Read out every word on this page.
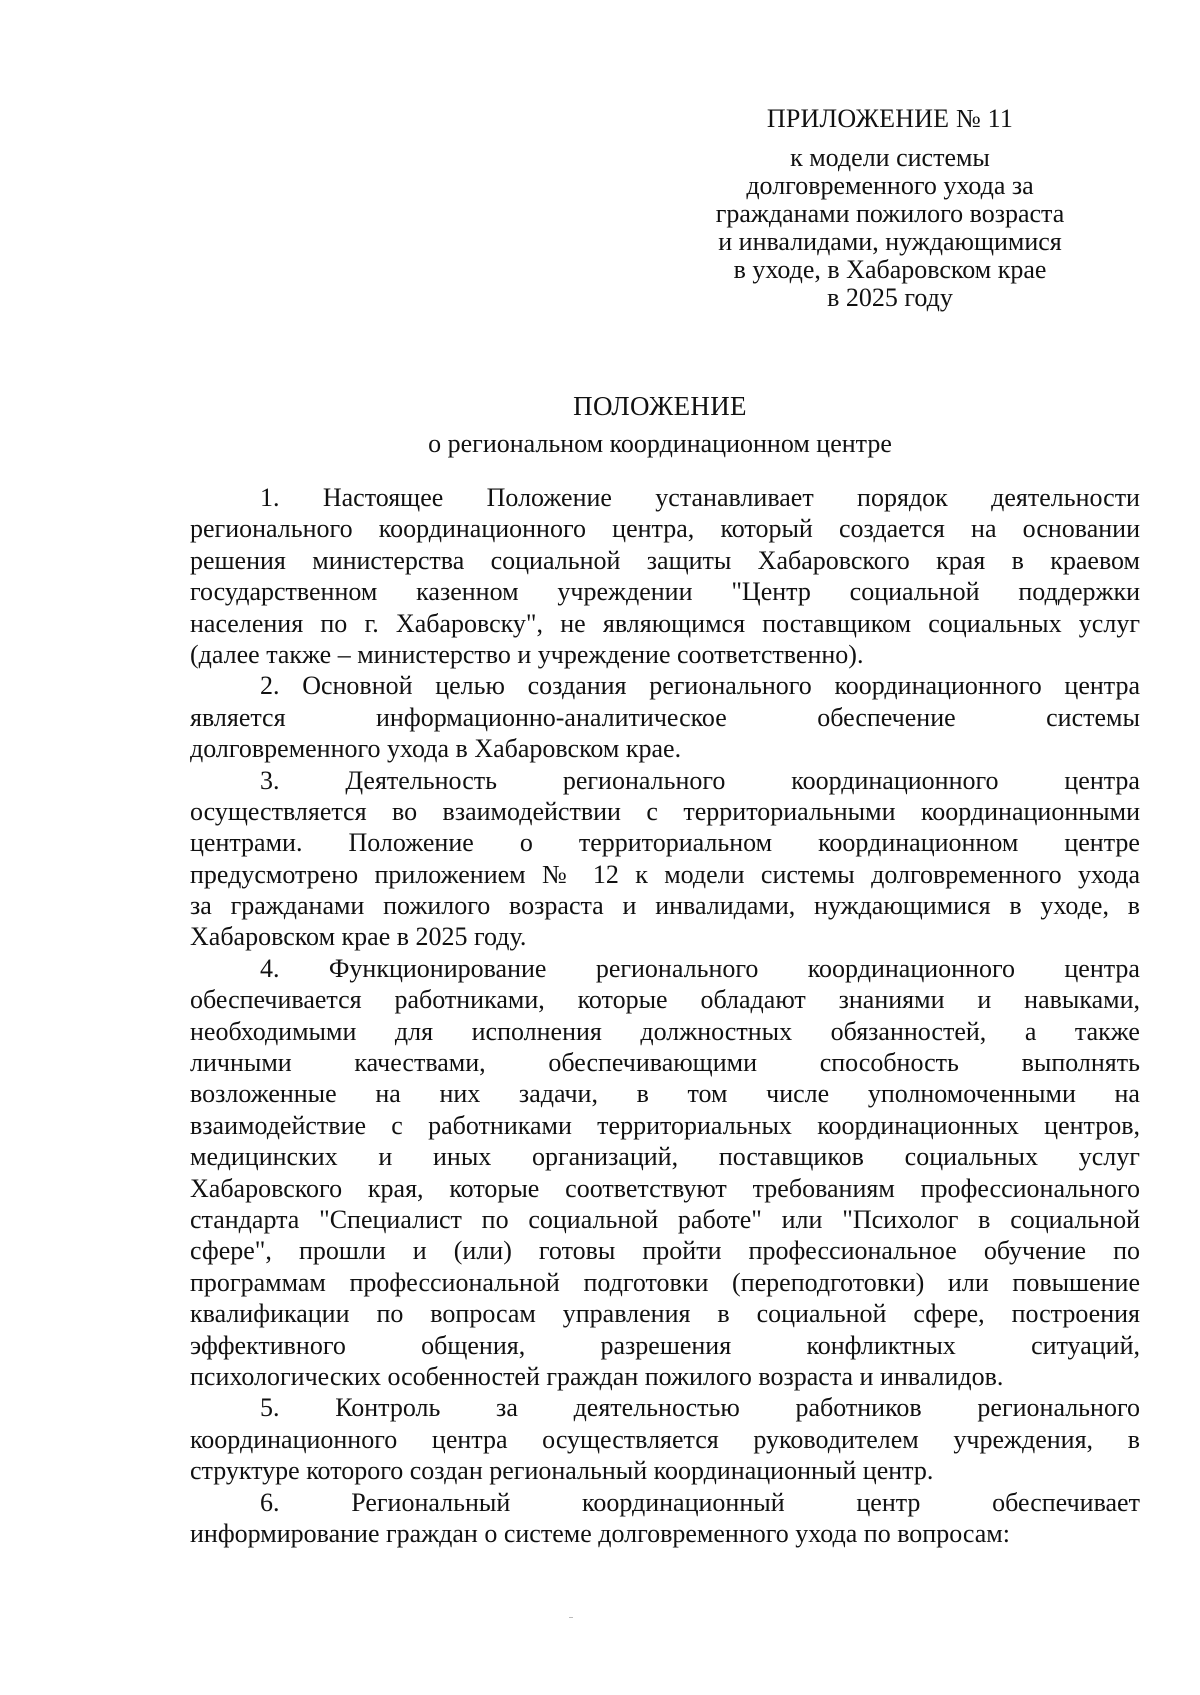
ПРИЛОЖЕНИЕ № 11
к модели системы
долговременного ухода за
гражданами пожилого возраста
и инвалидами, нуждающимися
в уходе, в Хабаровском крае
в 2025 году
ПОЛОЖЕНИЕ
о региональном координационном центре
1. Настоящее Положение устанавливает порядок деятельности
регионального координационного центра, который создается на основании
решения министерства социальной защиты Хабаровского края в краевом
государственном казенном учреждении "Центр социальной поддержки
населения по г. Хабаровску", не являющимся поставщиком социальных услуг
(далее также – министерство и учреждение соответственно).
2. Основной целью создания регионального координационного центра
является	информационно-аналитическое	обеспечение	системы
долговременного ухода в Хабаровском крае.
3.	Деятельность	регионального	координационного	центра
осуществляется во взаимодействии с территориальными координационными
центрами. Положение о территориальном координационном центре
предусмотрено приложением № 12 к модели системы долговременного ухода
за гражданами пожилого возраста и инвалидами, нуждающимися в уходе, в
Хабаровском крае в 2025 году.
4. Функционирование регионального координационного центра
обеспечивается работниками, которые обладают знаниями и навыками,
необходимыми для исполнения должностных обязанностей, а также
личными качествами, обеспечивающими способность выполнять
возложенные на них задачи, в том числе уполномоченными на
взаимодействие с работниками территориальных координационных центров,
медицинских и иных организаций, поставщиков социальных услуг
Хабаровского края, которые соответствуют требованиям профессионального
стандарта "Специалист по социальной работе" или "Психолог в социальной
сфере", прошли и (или) готовы пройти профессиональное обучение по
программам профессиональной подготовки (переподготовки) или повышение
квалификации по вопросам управления в социальной сфере, построения
эффективного	общения,	разрешения	конфликтных	ситуаций,
психологических особенностей граждан пожилого возраста и инвалидов.
5. Контроль за деятельностью работников регионального
координационного центра осуществляется руководителем учреждения, в
структуре которого создан региональный координационный центр.
6.	Региональный	координационный	центр	обеспечивает
информирование граждан о системе долговременного ухода по вопросам:
